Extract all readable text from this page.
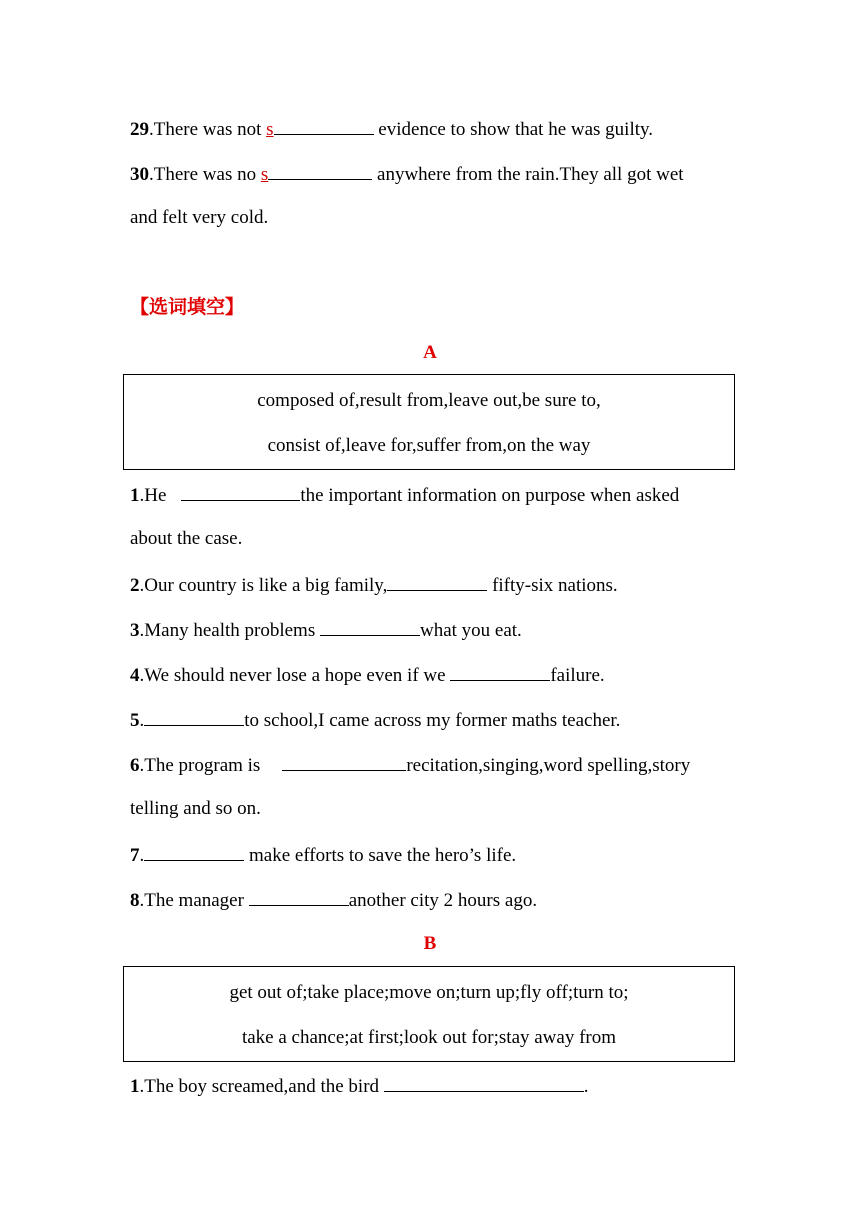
29.There was not s	evidence to show that he was guilty.
30.There was no s	anywhere from the rain.They all got wet
and felt very cold.
【选词填空】
A
composed of,result from,leave out,be sure to,
consist of,leave for,suffer from,on the way
1.He	the important information on purpose when asked
about the case.
2.Our country is like a big family,	fifty-six nations.
3.Many health problems	what you eat.
4.We should never lose a hope even if we	failure.
5.	to school,I came across my former maths teacher.
6.The program is	recitation,singing,word spelling,story
telling and so on.
7.	make efforts to save the hero’s life.
8.The manager	another city 2 hours ago.
B
get out of;take place;move on;turn up;fly off;turn to;
take a chance;at first;look out for;stay away from
1.The boy screamed,and the bird	.
